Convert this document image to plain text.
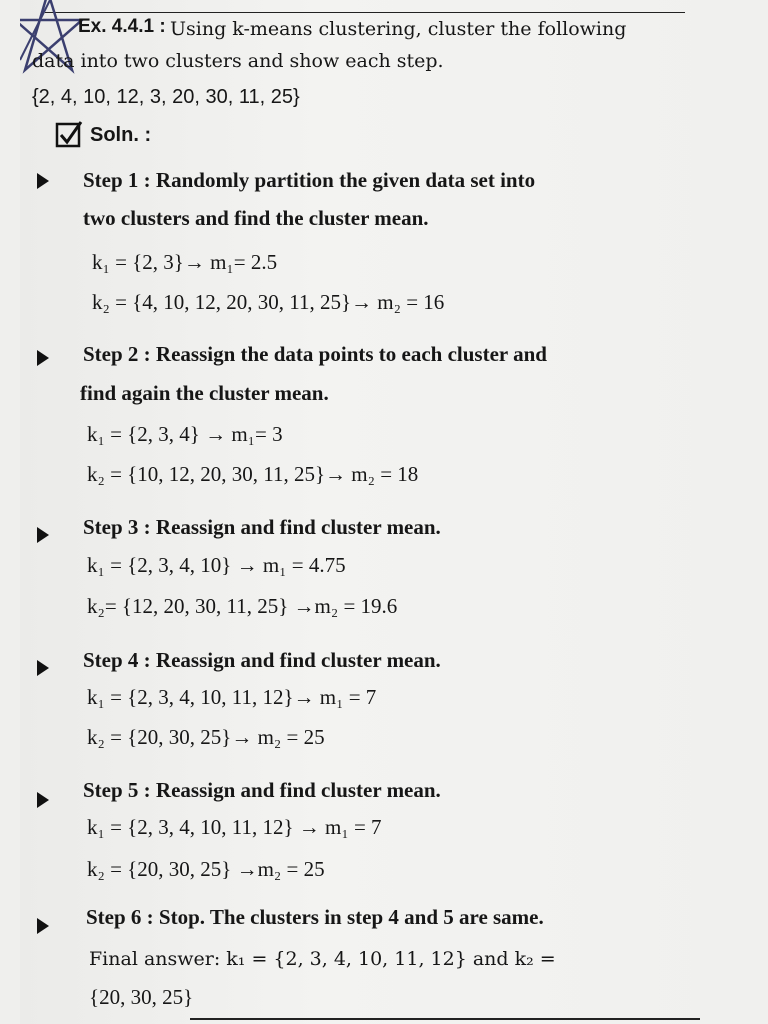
Ex. 4.4.1 : Using k-means clustering, cluster the following
data into two clusters and show each step.
{2, 4, 10, 12, 3, 20, 30, 11, 25}
Soln. :
Step 1 : Randomly partition the given data set into
two clusters and find the cluster mean.
k₁ = {2, 3}→ m₁= 2.5
k₂ = {4, 10, 12, 20, 30, 11, 25}→ m₂ = 16
Step 2 : Reassign the data points to each cluster and
find again the cluster mean.
k₁ = {2, 3, 4} → m₁= 3
k₂ = {10, 12, 20, 30, 11, 25}→ m₂ = 18
Step 3 : Reassign and find cluster mean.
k₁ = {2, 3, 4, 10} → m₁ = 4.75
k₂= {12, 20, 30, 11, 25} →m₂ = 19.6
Step 4 : Reassign and find cluster mean.
k₁ = {2, 3, 4, 10, 11, 12}→ m₁ = 7
k₂ = {20, 30, 25}→ m₂ = 25
Step 5 : Reassign and find cluster mean.
k₁ = {2, 3, 4, 10, 11, 12} → m₁ = 7
k₂ = {20, 30, 25} →m₂ = 25
Step 6 : Stop. The clusters in step 4 and 5 are same.
Final answer: k₁ = {2, 3, 4, 10, 11, 12} and k₂ =
{20, 30, 25}
